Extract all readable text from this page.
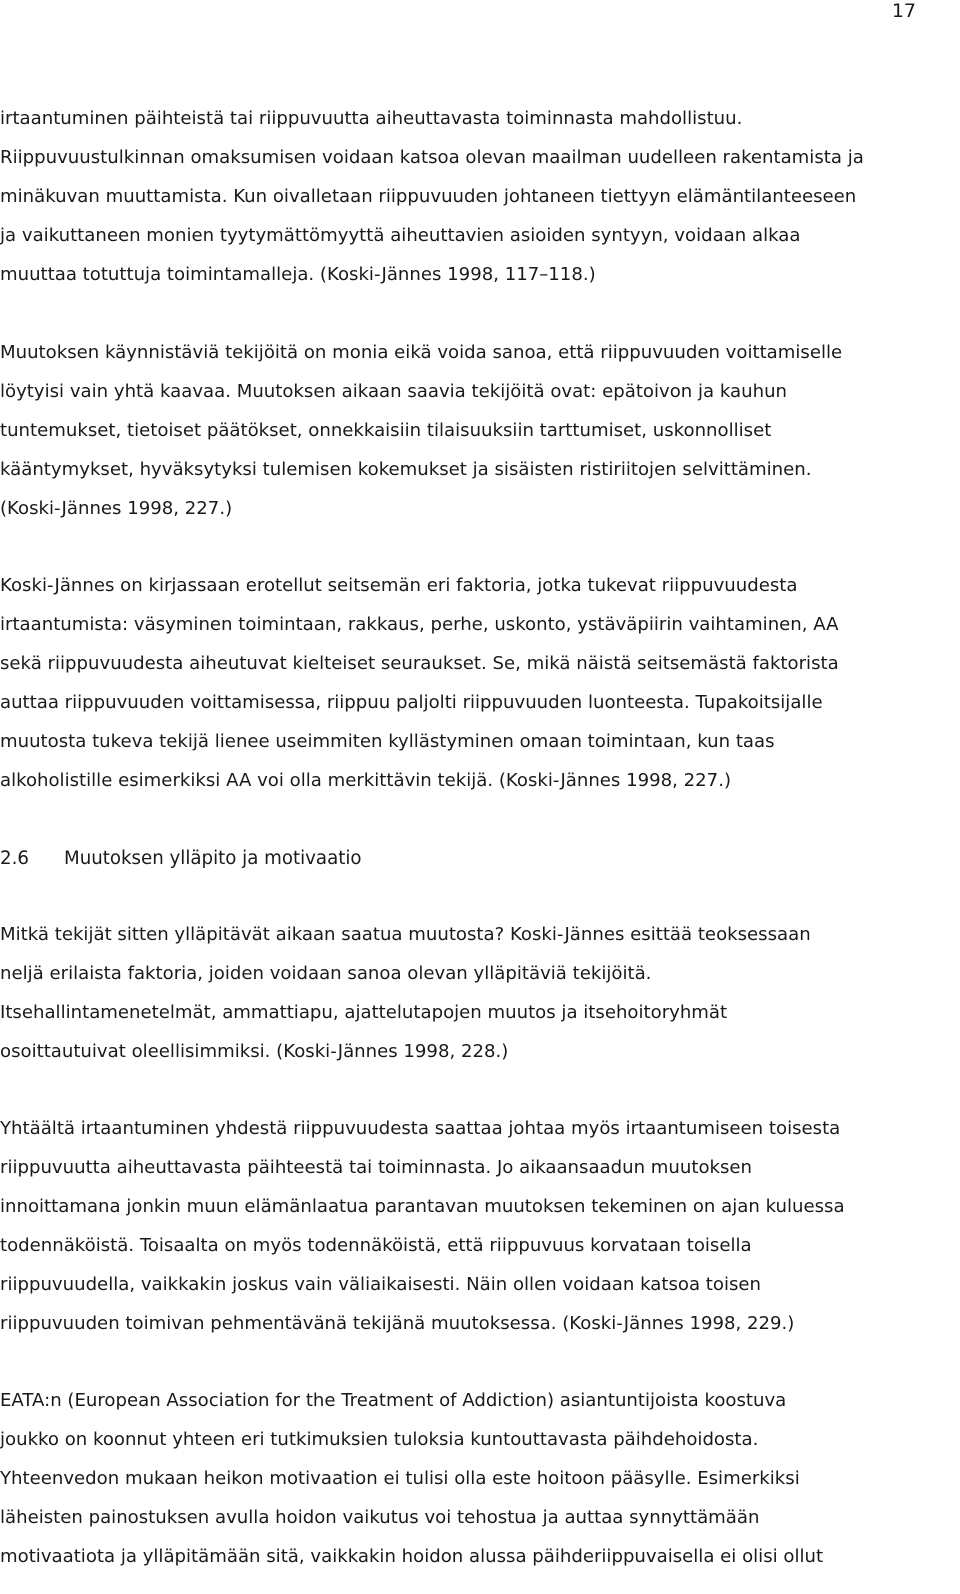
17
irtaantuminen päihteistä tai riippuvuutta aiheuttavasta toiminnasta mahdollistuu.
Riippuvuustulkinnan omaksumisen voidaan katsoa olevan maailman uudelleen rakentamista ja
minäkuvan muuttamista. Kun oivalletaan riippuvuuden johtaneen tiettyyn elämäntilanteeseen
ja vaikuttaneen monien tyytymättömyyttä aiheuttavien asioiden syntyyn, voidaan alkaa
muuttaa totuttuja toimintamalleja. (Koski-Jännes 1998, 117–118.)
Muutoksen käynnistäviä tekijöitä on monia eikä voida sanoa, että riippuvuuden voittamiselle
löytyisi vain yhtä kaavaa. Muutoksen aikaan saavia tekijöitä ovat: epätoivon ja kauhun
tuntemukset, tietoiset päätökset, onnekkaisiin tilaisuuksiin tarttumiset, uskonnolliset
kääntymykset, hyväksytyksi tulemisen kokemukset ja sisäisten ristiriitojen selvittäminen.
(Koski-Jännes 1998, 227.)
Koski-Jännes on kirjassaan erotellut seitsemän eri faktoria, jotka tukevat riippuvuudesta
irtaantumista: väsyminen toimintaan, rakkaus, perhe, uskonto, ystäväpiirin vaihtaminen, AA
sekä riippuvuudesta aiheutuvat kielteiset seuraukset. Se, mikä näistä seitsemästä faktorista
auttaa riippuvuuden voittamisessa, riippuu paljolti riippuvuuden luonteesta. Tupakoitsijalle
muutosta tukeva tekijä lienee useimmiten kyllästyminen omaan toimintaan, kun taas
alkoholistille esimerkiksi AA voi olla merkittävin tekijä. (Koski-Jännes 1998, 227.)
2.6 Muutoksen ylläpito ja motivaatio
Mitkä tekijät sitten ylläpitävät aikaan saatua muutosta? Koski-Jännes esittää teoksessaan
neljä erilaista faktoria, joiden voidaan sanoa olevan ylläpitäviä tekijöitä.
Itsehallintamenetelmät, ammattiapu, ajattelutapojen muutos ja itsehoitoryhmät
osoittautuivat oleellisimmiksi. (Koski-Jännes 1998, 228.)
Yhtäältä irtaantuminen yhdestä riippuvuudesta saattaa johtaa myös irtaantumiseen toisesta
riippuvuutta aiheuttavasta päihteestä tai toiminnasta. Jo aikaansaadun muutoksen
innoittamana jonkin muun elämänlaatua parantavan muutoksen tekeminen on ajan kuluessa
todennäköistä. Toisaalta on myös todennäköistä, että riippuvuus korvataan toisella
riippuvuudella, vaikkakin joskus vain väliaikaisesti. Näin ollen voidaan katsoa toisen
riippuvuuden toimivan pehmentävänä tekijänä muutoksessa. (Koski-Jännes 1998, 229.)
EATA:n (European Association for the Treatment of Addiction) asiantuntijoista koostuva
joukko on koonnut yhteen eri tutkimuksien tuloksia kuntouttavasta päihdehoidosta.
Yhteenvedon mukaan heikon motivaation ei tulisi olla este hoitoon pääsylle. Esimerkiksi
läheisten painostuksen avulla hoidon vaikutus voi tehostua ja auttaa synnyttämään
motivaatiota ja ylläpitämään sitä, vaikkakin hoidon alussa päihderiippuvaisella ei olisi ollut
